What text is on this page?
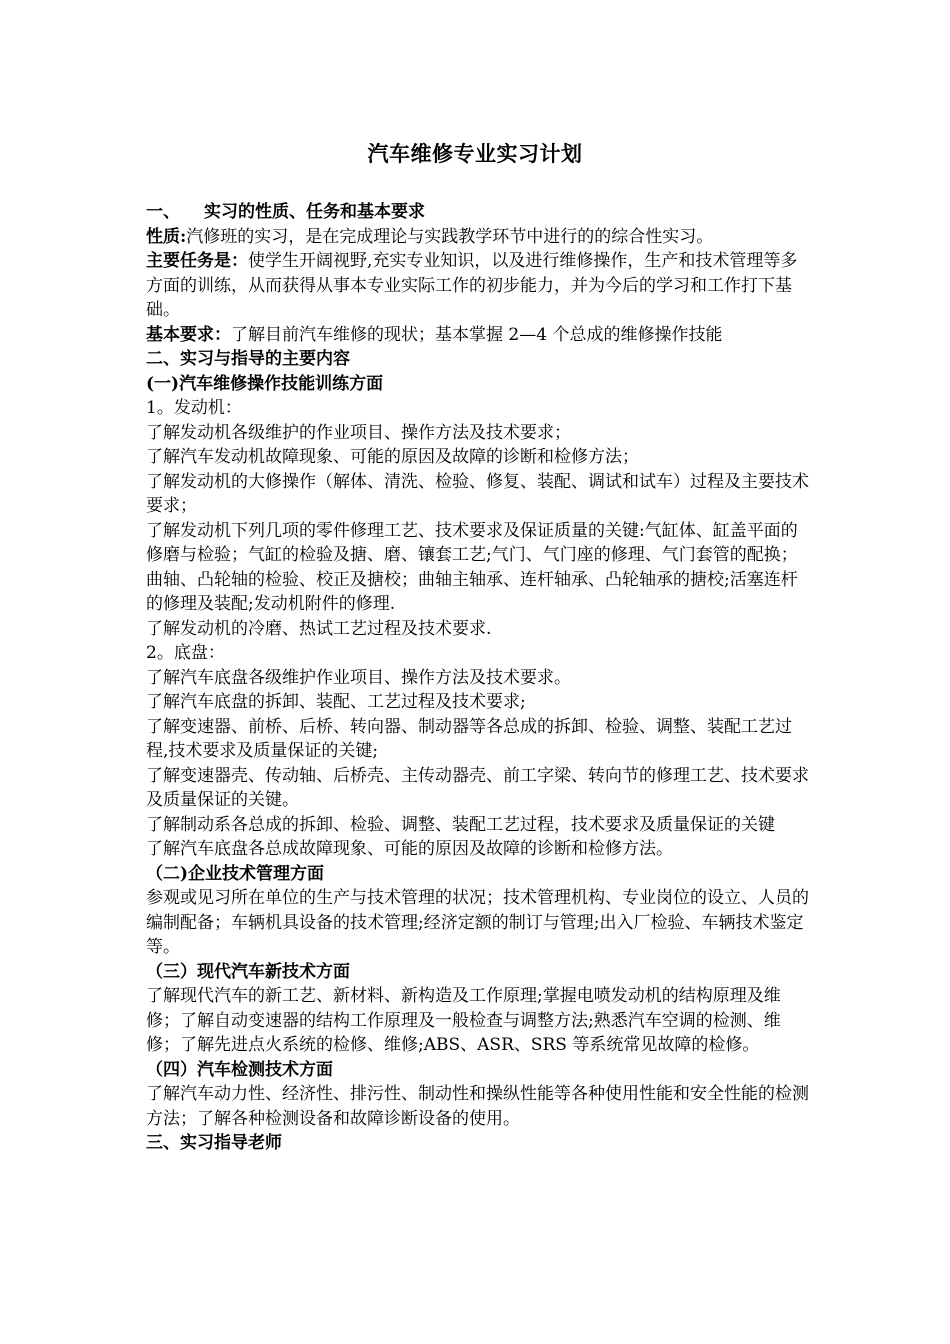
汽车维修专业实习计划

一、 实习的性质、任务和基本要求

性质:汽修班的实习，是在完成理论与实践教学环节中进行的的综合性实习。

主要任务是：使学生开阔视野,充实专业知识，以及进行维修操作，生产和技术管理等多方面的训练，从而获得从事本专业实际工作的初步能力，并为今后的学习和工作打下基础。

基本要求：了解目前汽车维修的现状；基本掌握 2—4 个总成的维修操作技能

二、实习与指导的主要内容

(一)汽车维修操作技能训练方面

1。发动机：

了解发动机各级维护的作业项目、操作方法及技术要求；

了解汽车发动机故障现象、可能的原因及故障的诊断和检修方法；

了解发动机的大修操作（解体、清洗、检验、修复、装配、调试和试车）过程及主要技术要求；

了解发动机下列几项的零件修理工艺、技术要求及保证质量的关键:气缸体、缸盖平面的修磨与检验；气缸的检验及搪、磨、镶套工艺;气门、气门座的修理、气门套管的配换；曲轴、凸轮轴的检验、校正及搪校；曲轴主轴承、连杆轴承、凸轮轴承的搪校;活塞连杆的修理及装配;发动机附件的修理.

了解发动机的冷磨、热试工艺过程及技术要求.

2。底盘：

了解汽车底盘各级维护作业项目、操作方法及技术要求。

了解汽车底盘的拆卸、装配、工艺过程及技术要求;

了解变速器、前桥、后桥、转向器、制动器等各总成的拆卸、检验、调整、装配工艺过程,技术要求及质量保证的关键;

了解变速器壳、传动轴、后桥壳、主传动器壳、前工字梁、转向节的修理工艺、技术要求及质量保证的关键。

了解制动系各总成的拆卸、检验、调整、装配工艺过程，技术要求及质量保证的关键

了解汽车底盘各总成故障现象、可能的原因及故障的诊断和检修方法。

（二)企业技术管理方面

参观或见习所在单位的生产与技术管理的状况；技术管理机构、专业岗位的设立、人员的编制配备；车辆机具设备的技术管理;经济定额的制订与管理;出入厂检验、车辆技术鉴定等。

（三）现代汽车新技术方面

了解现代汽车的新工艺、新材料、新构造及工作原理;掌握电喷发动机的结构原理及维修；了解自动变速器的结构工作原理及一般检查与调整方法;熟悉汽车空调的检测、维修；了解先进点火系统的检修、维修;ABS、ASR、SRS 等系统常见故障的检修。

（四）汽车检测技术方面

了解汽车动力性、经济性、排污性、制动性和操纵性能等各种使用性能和安全性能的检测方法；了解各种检测设备和故障诊断设备的使用。

三、实习指导老师
